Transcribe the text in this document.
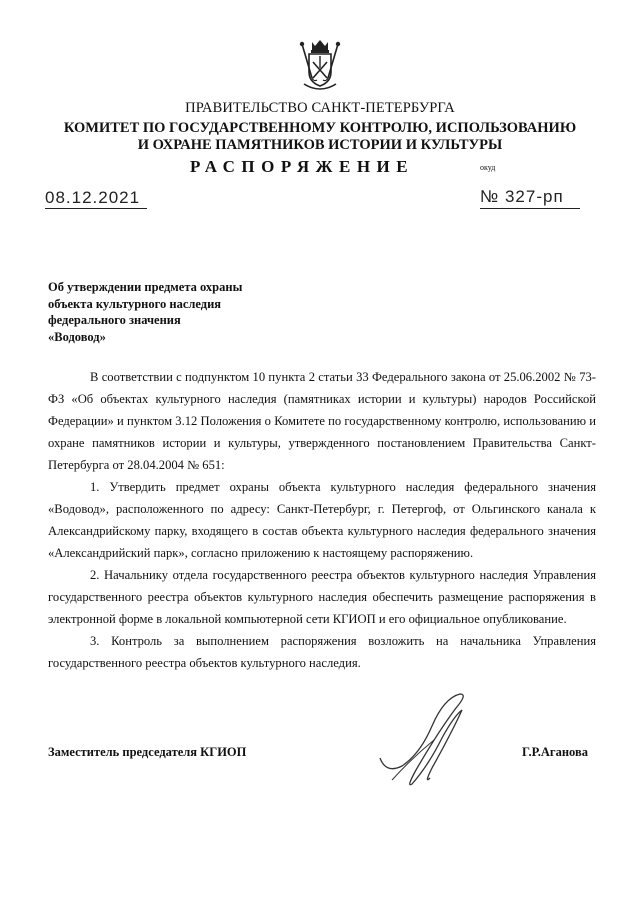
ПРАВИТЕЛЬСТВО САНКТ-ПЕТЕРБУРГА
КОМИТЕТ ПО ГОСУДАРСТВЕННОМУ КОНТРОЛЮ, ИСПОЛЬЗОВАНИЮ
И ОХРАНЕ ПАМЯТНИКОВ ИСТОРИИ И КУЛЬТУРЫ
РАСПОРЯЖЕНИЕ	окуд
08.12.2021	№ 327-рп
Об утверждении предмета охраны
объекта культурного наследия
федерального значения
«Водовод»

В соответствии с подпунктом 10 пункта 2 статьи 33 Федерального закона от 25.06.2002 № 73-ФЗ «Об объектах культурного наследия (памятниках истории и культуры) народов Российской Федерации» и пунктом 3.12 Положения о Комитете по государственному контролю, использованию и охране памятников истории и культуры, утвержденного постановлением Правительства Санкт-Петербурга от 28.04.2004 № 651:

1. Утвердить предмет охраны объекта культурного наследия федерального значения «Водовод», расположенного по адресу: Санкт-Петербург, г. Петергоф, от Ольгинского канала к Александрийскому парку, входящего в состав объекта культурного наследия федерального значения «Александрийский парк», согласно приложению к настоящему распоряжению.

2. Начальнику отдела государственного реестра объектов культурного наследия Управления государственного реестра объектов культурного наследия обеспечить размещение распоряжения в электронной форме в локальной компьютерной сети КГИОП и его официальное опубликование.

3. Контроль за выполнением распоряжения возложить на начальника Управления государственного реестра объектов культурного наследия.

Заместитель председателя КГИОП	Г.Р.Аганова
